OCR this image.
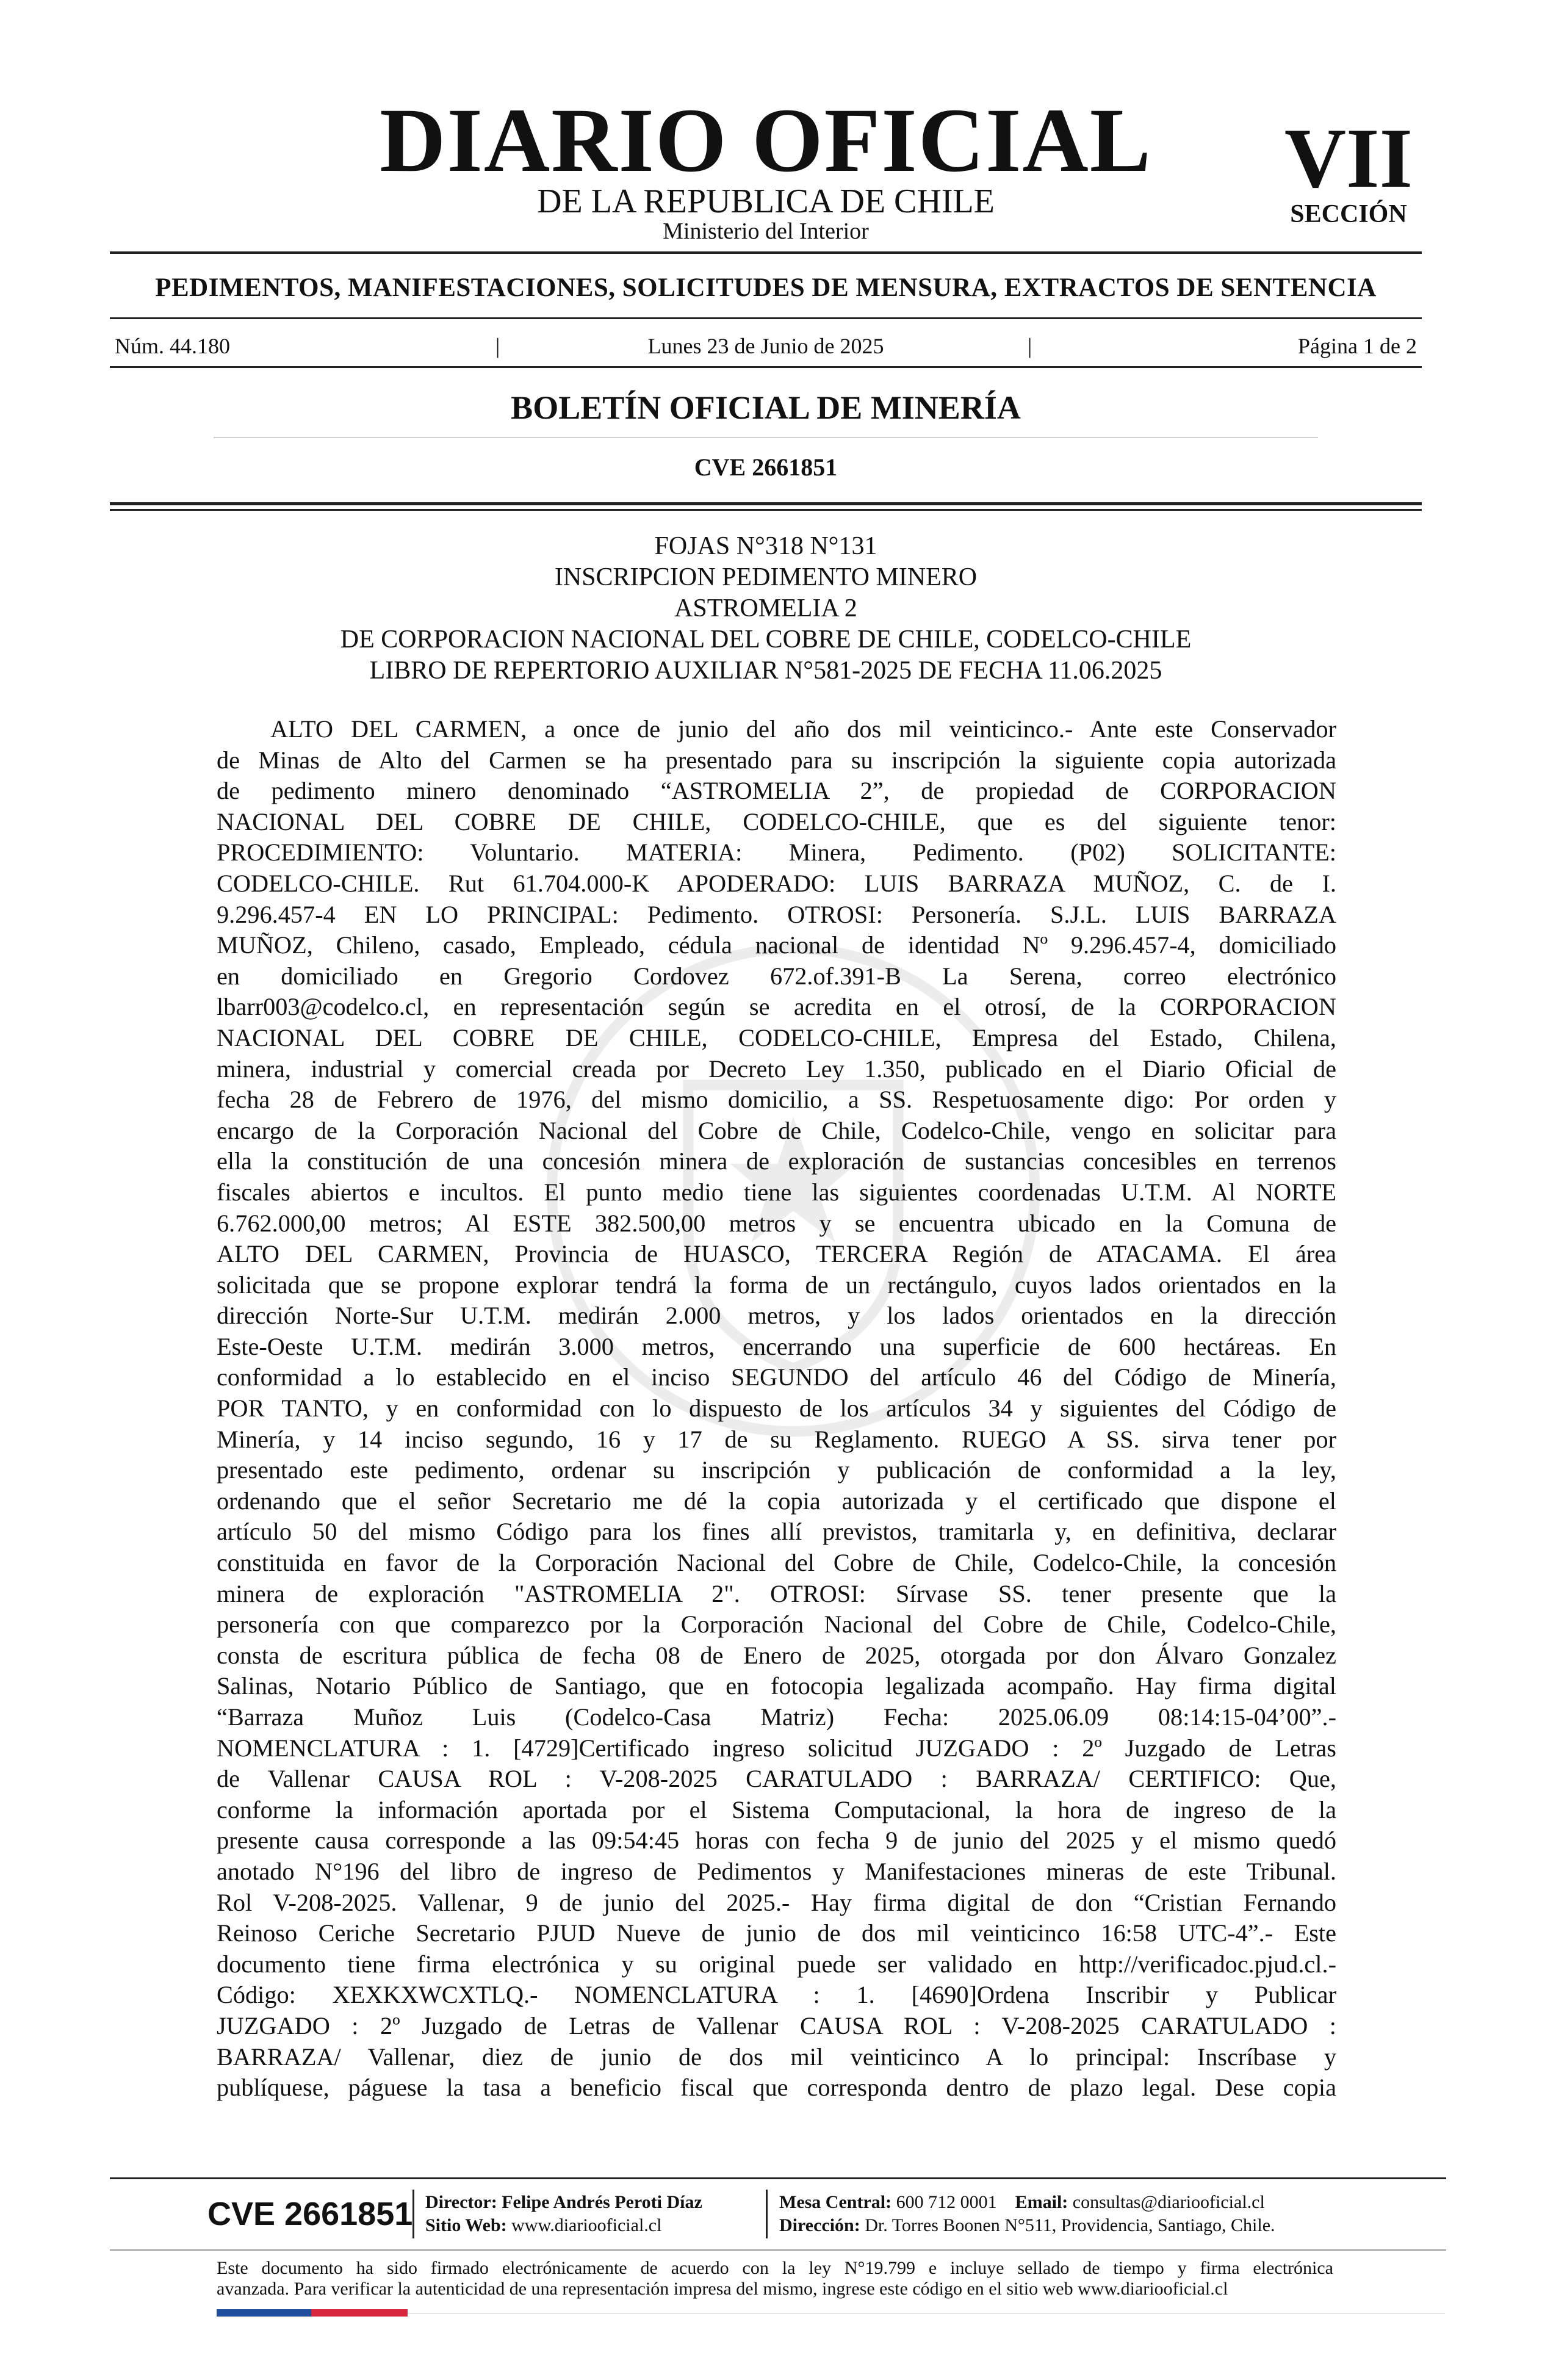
DIARIO OFICIAL
DE LA REPUBLICA DE CHILE
Ministerio del Interior
VII
SECCIÓN
PEDIMENTOS, MANIFESTACIONES, SOLICITUDES DE MENSURA, EXTRACTOS DE SENTENCIA
Núm. 44.180	|	Lunes 23 de Junio de 2025	|	Página 1 de 2
BOLETÍN OFICIAL DE MINERÍA
CVE 2661851
FOJAS N°318 N°131
INSCRIPCION PEDIMENTO MINERO
ASTROMELIA 2
DE CORPORACION NACIONAL DEL COBRE DE CHILE, CODELCO-CHILE
LIBRO DE REPERTORIO AUXILIAR N°581-2025 DE FECHA 11.06.2025
ALTO DEL CARMEN, a once de junio del año dos mil veinticinco.- Ante este Conservador
de Minas de Alto del Carmen se ha presentado para su inscripción la siguiente copia autorizada
de pedimento minero denominado “ASTROMELIA 2”, de propiedad de CORPORACION
NACIONAL DEL COBRE DE CHILE, CODELCO-CHILE, que es del siguiente tenor:
PROCEDIMIENTO: Voluntario. MATERIA: Minera, Pedimento. (P02) SOLICITANTE:
CODELCO-CHILE. Rut 61.704.000-K APODERADO: LUIS BARRAZA MUÑOZ, C. de I.
9.296.457-4 EN LO PRINCIPAL: Pedimento. OTROSI: Personería. S.J.L. LUIS BARRAZA
MUÑOZ, Chileno, casado, Empleado, cédula nacional de identidad Nº 9.296.457-4, domiciliado
en domiciliado en Gregorio Cordovez 672.of.391-B La Serena, correo electrónico
lbarr003@codelco.cl, en representación según se acredita en el otrosí, de la CORPORACION
NACIONAL DEL COBRE DE CHILE, CODELCO-CHILE, Empresa del Estado, Chilena,
minera, industrial y comercial creada por Decreto Ley 1.350, publicado en el Diario Oficial de
fecha 28 de Febrero de 1976, del mismo domicilio, a SS. Respetuosamente digo: Por orden y
encargo de la Corporación Nacional del Cobre de Chile, Codelco-Chile, vengo en solicitar para
ella la constitución de una concesión minera de exploración de sustancias concesibles en terrenos
fiscales abiertos e incultos. El punto medio tiene las siguientes coordenadas U.T.M. Al NORTE
6.762.000,00 metros; Al ESTE 382.500,00 metros y se encuentra ubicado en la Comuna de
ALTO DEL CARMEN, Provincia de HUASCO, TERCERA Región de ATACAMA. El área
solicitada que se propone explorar tendrá la forma de un rectángulo, cuyos lados orientados en la
dirección Norte-Sur U.T.M. medirán 2.000 metros, y los lados orientados en la dirección
Este-Oeste U.T.M. medirán 3.000 metros, encerrando una superficie de 600 hectáreas. En
conformidad a lo establecido en el inciso SEGUNDO del artículo 46 del Código de Minería,
POR TANTO, y en conformidad con lo dispuesto de los artículos 34 y siguientes del Código de
Minería, y 14 inciso segundo, 16 y 17 de su Reglamento. RUEGO A SS. sirva tener por
presentado este pedimento, ordenar su inscripción y publicación de conformidad a la ley,
ordenando que el señor Secretario me dé la copia autorizada y el certificado que dispone el
artículo 50 del mismo Código para los fines allí previstos, tramitarla y, en definitiva, declarar
constituida en favor de la Corporación Nacional del Cobre de Chile, Codelco-Chile, la concesión
minera de exploración "ASTROMELIA 2". OTROSI: Sírvase SS. tener presente que la
personería con que comparezco por la Corporación Nacional del Cobre de Chile, Codelco-Chile,
consta de escritura pública de fecha 08 de Enero de 2025, otorgada por don Álvaro Gonzalez
Salinas, Notario Público de Santiago, que en fotocopia legalizada acompaño. Hay firma digital
“Barraza Muñoz Luis (Codelco-Casa Matriz) Fecha: 2025.06.09 08:14:15-04’00”.-
NOMENCLATURA : 1. [4729]Certificado ingreso solicitud JUZGADO : 2º Juzgado de Letras
de Vallenar CAUSA ROL : V-208-2025 CARATULADO : BARRAZA/ CERTIFICO: Que,
conforme la información aportada por el Sistema Computacional, la hora de ingreso de la
presente causa corresponde a las 09:54:45 horas con fecha 9 de junio del 2025 y el mismo quedó
anotado N°196 del libro de ingreso de Pedimentos y Manifestaciones mineras de este Tribunal.
Rol V-208-2025. Vallenar, 9 de junio del 2025.- Hay firma digital de don “Cristian Fernando
Reinoso Ceriche Secretario PJUD Nueve de junio de dos mil veinticinco 16:58 UTC-4”.- Este
documento tiene firma electrónica y su original puede ser validado en http://verificadoc.pjud.cl.-
Código: XEXKXWCXTLQ.- NOMENCLATURA : 1. [4690]Ordena Inscribir y Publicar
JUZGADO : 2º Juzgado de Letras de Vallenar CAUSA ROL : V-208-2025 CARATULADO :
BARRAZA/ Vallenar, diez de junio de dos mil veinticinco A lo principal: Inscríbase y
publíquese, páguese la tasa a beneficio fiscal que corresponda dentro de plazo legal. Dese copia
CVE 2661851 Director: Felipe Andrés Peroti Díaz
Sitio Web: www.diariooficial.cl
Mesa Central: 600 712 0001 Email: consultas@diariooficial.cl
Dirección: Dr. Torres Boonen N°511, Providencia, Santiago, Chile.
Este documento ha sido firmado electrónicamente de acuerdo con la ley N°19.799 e incluye sellado de tiempo y firma electrónica
avanzada. Para verificar la autenticidad de una representación impresa del mismo, ingrese este código en el sitio web www.diariooficial.cl
